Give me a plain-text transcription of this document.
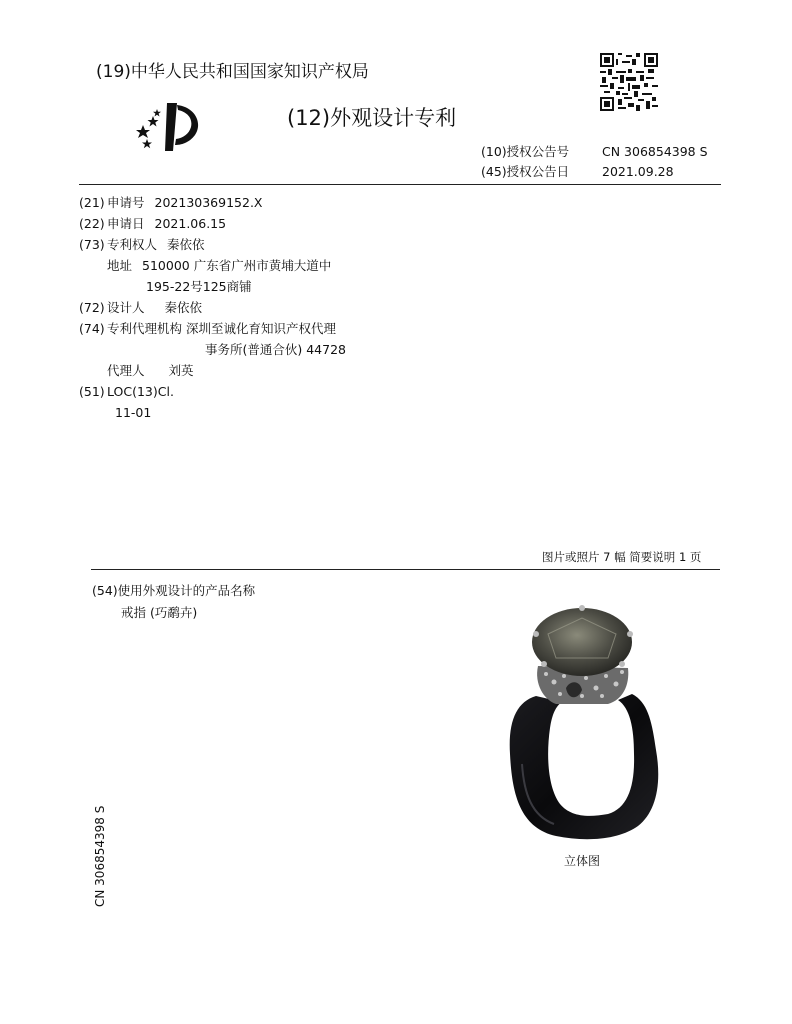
(19)中华人民共和国国家知识产权局
(12)外观设计专利
(10)授权公告号	CN 306854398 S
(45)授权公告日	2021.09.28
(21) 申请号 202130369152.X
(22) 申请日 2021.06.15
(73) 专利权人 秦依依
地址 510000 广东省广州市黄埔大道中
195-22号125商铺
(72) 设计人 秦依依
(74) 专利代理机构 深圳至诚化育知识产权代理
事务所(普通合伙) 44728
代理人 刘英
(51) LOC(13)Cl.
11-01
图片或照片 7 幅 简要说明 1 页
(54)使用外观设计的产品名称
戒指 (巧鹬卉)
立体图
CN 306854398 S
